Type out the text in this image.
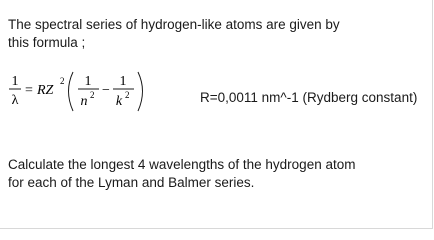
The spectral series of hydrogen-like atoms are given by
this formula ;
1
λ
= RZ
2 1
n 2 −
1
k 2	R=0,0011 nm^-1 (Rydberg constant)
Calculate the longest 4 wavelengths of the hydrogen atom
for each of the Lyman and Balmer series.
